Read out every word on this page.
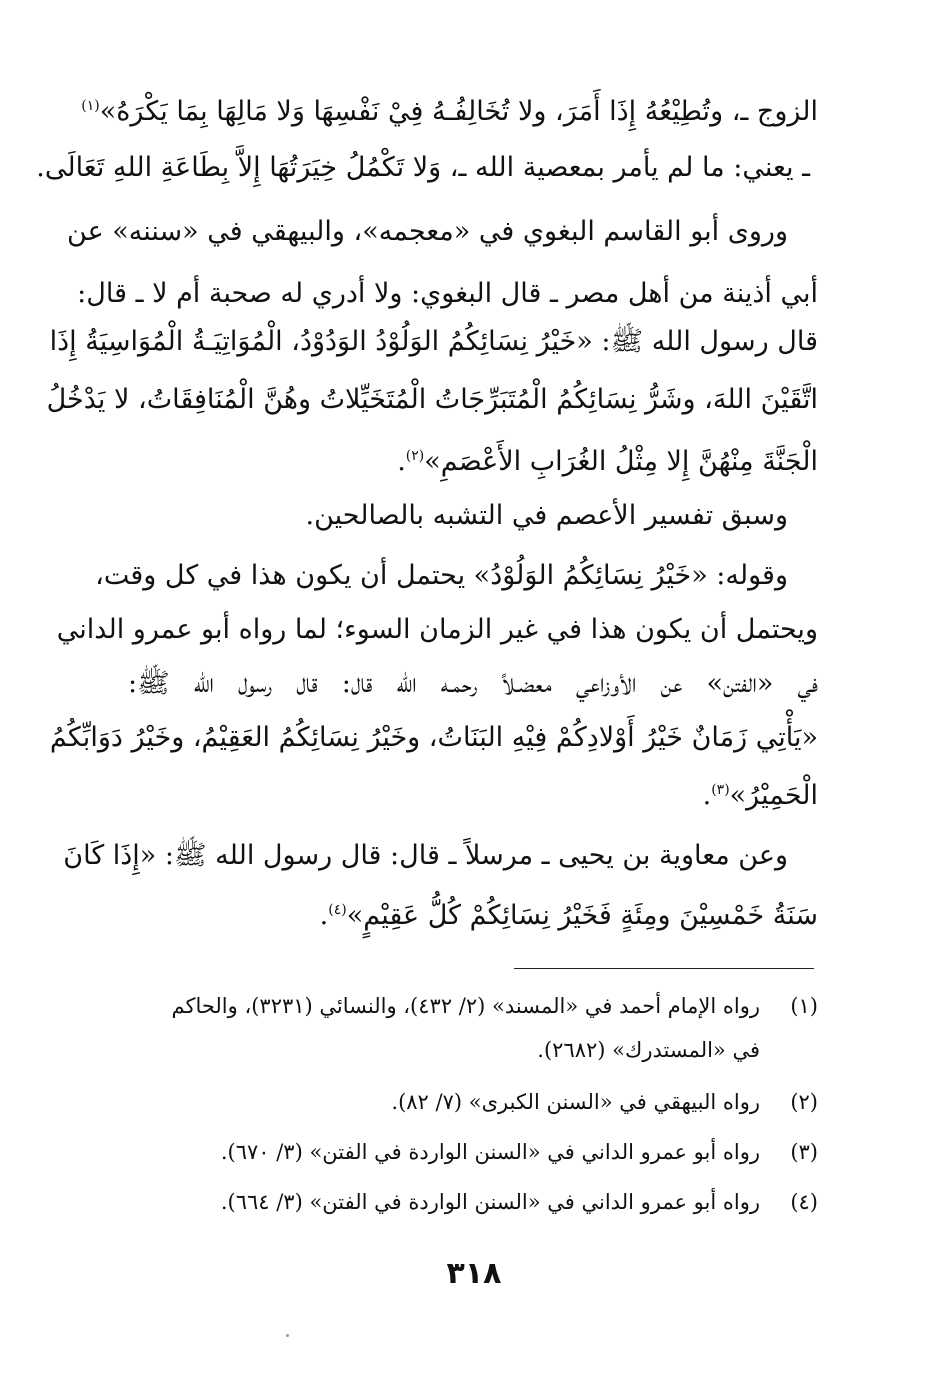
الزوج ـ، وتُطِيْعُهُ إِذَا أَمَرَ، ولا تُخَالِفُـهُ فِيْ نَفْسِهَا وَلا مَالِهَا بِمَا يَكْرَهُ»$^{(١)}$
ـ يعني: ما لم يأمر بمعصية الله ـ، وَلا تَكْمُلُ خِيَرَتُهَا إِلاَّ بِطَاعَةِ اللهِ تَعَالَى.
وروى أبو القاسم البغوي في «معجمه»، والبيهقي في «سننه» عن
أبي أذينة من أهل مصر ـ قال البغوي: ولا أدري له صحبة أم لا ـ قال:
قال رسول الله ﷺ: «خَيْرُ نِسَائِكُمُ الوَلُوْدُ الوَدُوْدُ، الْمُوَاتِيَـةُ الْمُوَاسِيَةُ إِذَا
اتَّقَيْنَ اللهَ، وشَرُّ نِسَائِكُمُ الْمُتَبَرِّجَاتُ الْمُتَخَيِّلاتُ وهُنَّ الْمُنَافِقَاتُ، لا يَدْخُلُ
الْجَنَّةَ مِنْهُنَّ إِلا مِثْلُ الغُرَابِ الأَعْصَمِ»$^{(٢)}$.
وسبق تفسير الأعصم في التشبه بالصالحين.
وقوله: «خَيْرُ نِسَائِكُمُ الوَلُوْدُ» يحتمل أن يكون هذا في كل وقت،
ويحتمل أن يكون هذا في غير الزمان السوء؛ لما رواه أبو عمرو الداني
في «الفتن» عن الأوزاعي معضـلاً رحمـه الله قال: قال رسول الله ﷺ:
«يَأْتِي زَمَانٌ خَيْرُ أَوْلادِكُمْ فِيْهِ البَنَاتُ، وخَيْرُ نِسَائِكُمُ العَقِيْمُ، وخَيْرُ دَوَابِّكُمُ
الْحَمِيْرُ»$^{(٣)}$.
وعن معاوية بن يحيى ـ مرسلاً ـ قال: قال رسول الله ﷺ: «إِذَا كَانَ
سَنَةُ خَمْسِيْنَ ومِئَةٍ فَخَيْرُ نِسَائِكُمْ كُلُّ عَقِيْمٍ»$^{(٤)}$.
(١)رواه الإمام أحمد في «المسند» (٢/ ٤٣٢)، والنسائي (٣٢٣١)، والحاكم
في «المستدرك» (٢٦٨٢).
(٢)رواه البيهقي في «السنن الكبرى» (٧/ ٨٢).
(٣)رواه أبو عمرو الداني في «السنن الواردة في الفتن» (٣/ ٦٧٠).
(٤)رواه أبو عمرو الداني في «السنن الواردة في الفتن» (٣/ ٦٦٤).
٣١٨
